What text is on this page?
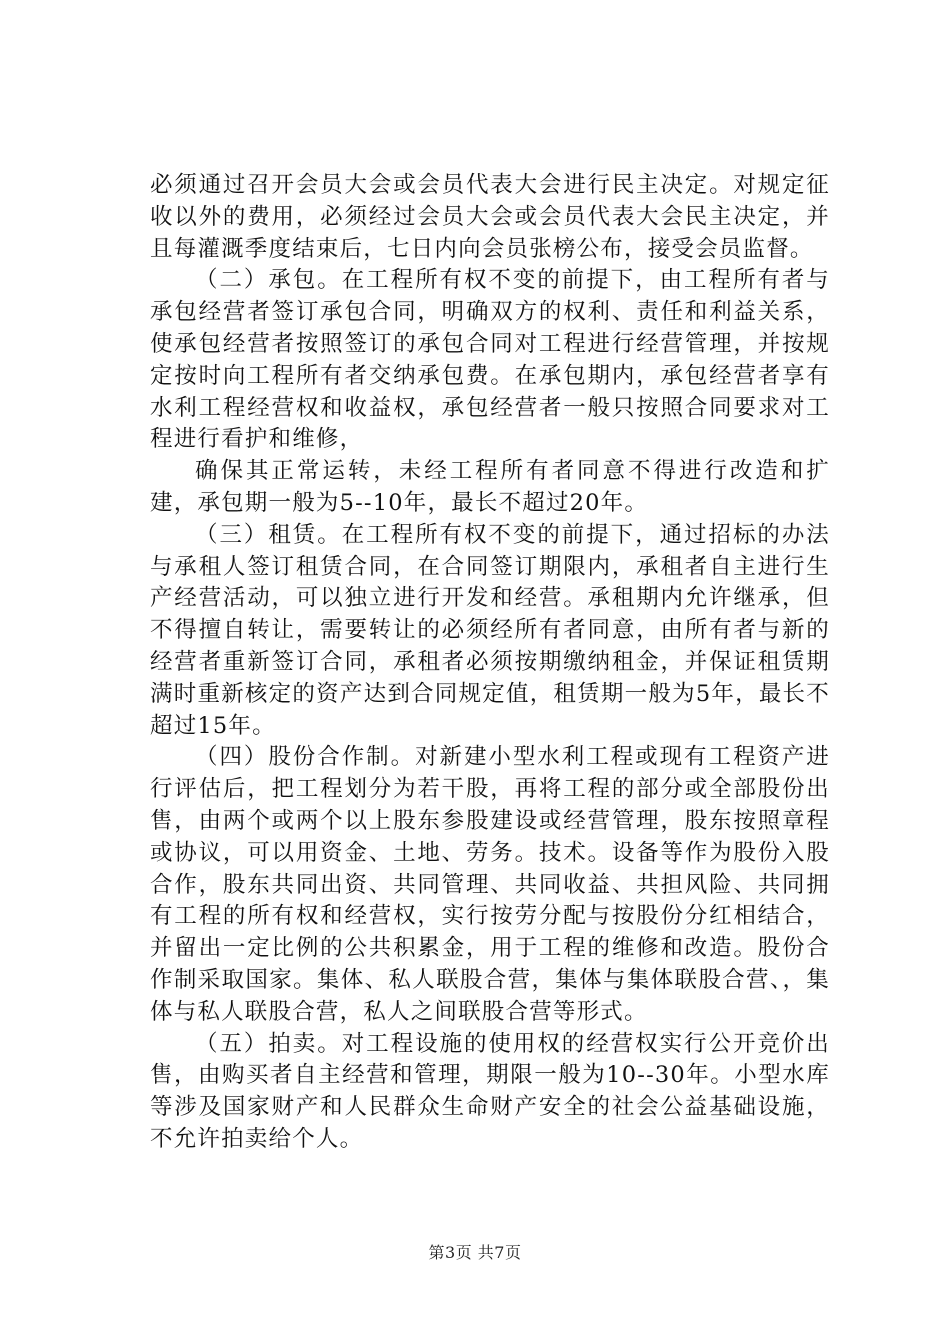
必须通过召开会员大会或会员代表大会进行民主决定。对规定征收以外的费用，必须经过会员大会或会员代表大会民主决定，并且每灌溉季度结束后，七日内向会员张榜公布，接受会员监督。

（二）承包。在工程所有权不变的前提下，由工程所有者与承包经营者签订承包合同，明确双方的权利、责任和利益关系，使承包经营者按照签订的承包合同对工程进行经营管理，并按规定按时向工程所有者交纳承包费。在承包期内，承包经营者享有水利工程经营权和收益权，承包经营者一般只按照合同要求对工程进行看护和维修，

确保其正常运转，未经工程所有者同意不得进行改造和扩建，承包期一般为5--10年，最长不超过20年。

（三）租赁。在工程所有权不变的前提下，通过招标的办法与承租人签订租赁合同，在合同签订期限内，承租者自主进行生产经营活动，可以独立进行开发和经营。承租期内允许继承，但不得擅自转让，需要转让的必须经所有者同意，由所有者与新的经营者重新签订合同，承租者必须按期缴纳租金，并保证租赁期满时重新核定的资产达到合同规定值，租赁期一般为5年，最长不超过15年。

（四）股份合作制。对新建小型水利工程或现有工程资产进行评估后，把工程划分为若干股，再将工程的部分或全部股份出售，由两个或两个以上股东参股建设或经营管理，股东按照章程或协议，可以用资金、土地、劳务。技术。设备等作为股份入股合作，股东共同出资、共同管理、共同收益、共担风险、共同拥有工程的所有权和经营权，实行按劳分配与按股份分红相结合，并留出一定比例的公共积累金，用于工程的维修和改造。股份合作制采取国家。集体、私人联股合营，集体与集体联股合营、，集体与私人联股合营，私人之间联股合营等形式。

（五）拍卖。对工程设施的使用权的经营权实行公开竞价出售，由购买者自主经营和管理，期限一般为10--30年。小型水库等涉及国家财产和人民群众生命财产安全的社会公益基础设施，不允许拍卖给个人。

第3页 共7页
